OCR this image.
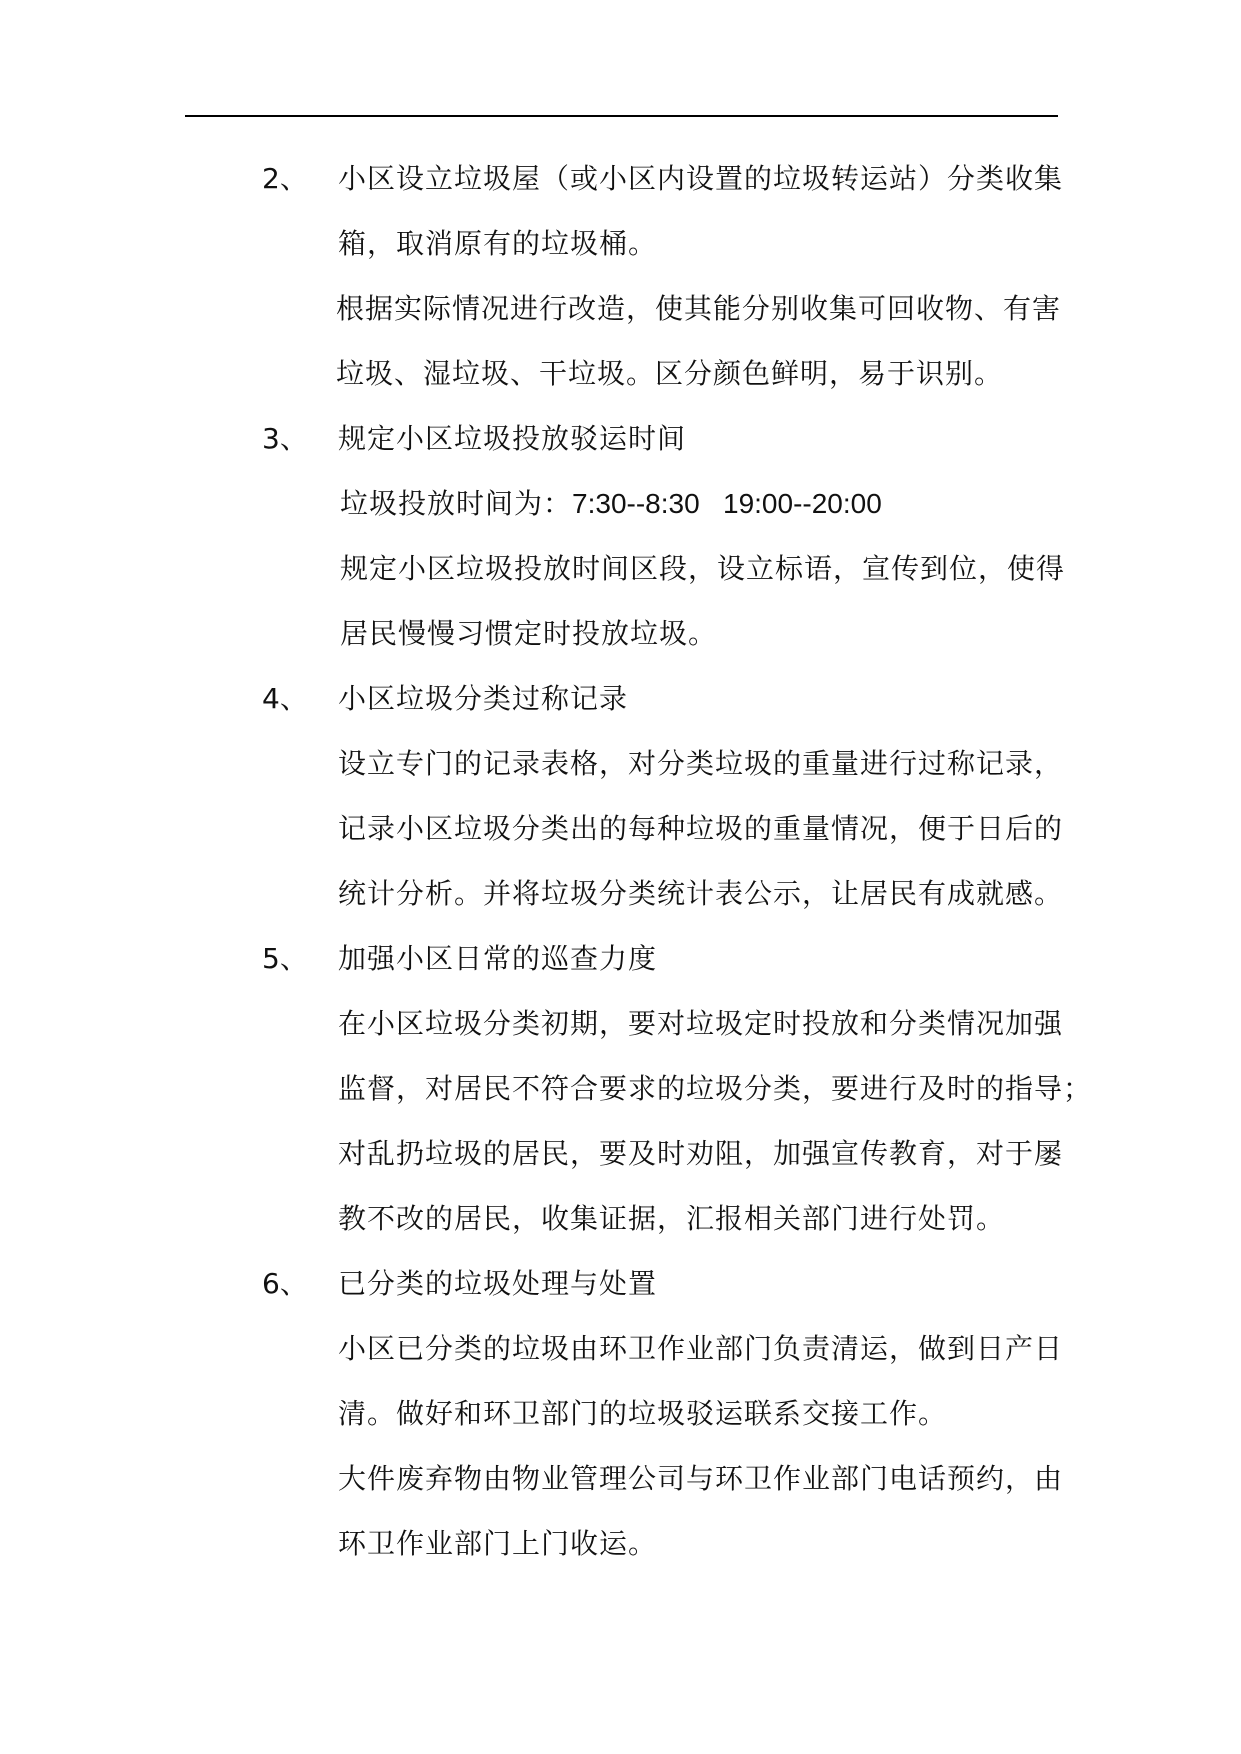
2、 小区设立垃圾屋（或小区内设置的垃圾转运站）分类收集
箱，取消原有的垃圾桶。
根据实际情况进行改造，使其能分别收集可回收物、有害
垃圾、湿垃圾、干垃圾。区分颜色鲜明，易于识别。
3、 规定小区垃圾投放驳运时间
垃圾投放时间为：7:30--8:30   19:00--20:00
规定小区垃圾投放时间区段，设立标语，宣传到位，使得
居民慢慢习惯定时投放垃圾。
4、 小区垃圾分类过称记录
设立专门的记录表格，对分类垃圾的重量进行过称记录，
记录小区垃圾分类出的每种垃圾的重量情况，便于日后的
统计分析。并将垃圾分类统计表公示，让居民有成就感。
5、 加强小区日常的巡查力度
在小区垃圾分类初期，要对垃圾定时投放和分类情况加强
监督，对居民不符合要求的垃圾分类，要进行及时的指导；
对乱扔垃圾的居民，要及时劝阻，加强宣传教育，对于屡
教不改的居民，收集证据，汇报相关部门进行处罚。
6、 已分类的垃圾处理与处置
小区已分类的垃圾由环卫作业部门负责清运，做到日产日
清。做好和环卫部门的垃圾驳运联系交接工作。
大件废弃物由物业管理公司与环卫作业部门电话预约，由
环卫作业部门上门收运。
